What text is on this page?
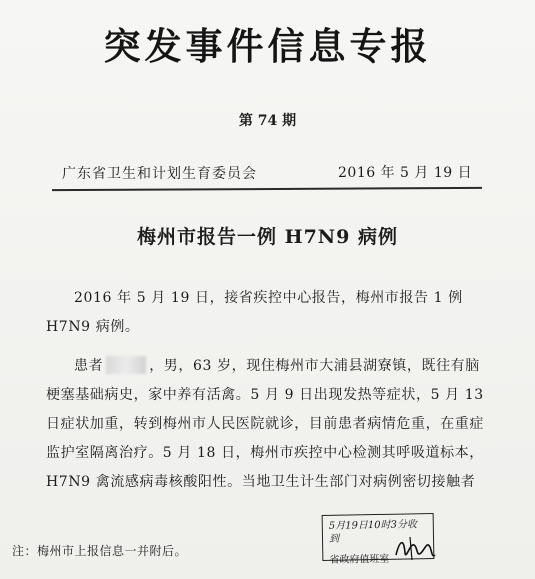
突发事件信息专报
第 74 期
广东省卫生和计划生育委员会	2016 年 5 月 19 日
梅州市报告一例 H7N9 病例

2016 年 5 月 19 日，接省疾控中心报告，梅州市报告 1 例 H7N9 病例。

患者	，男，63 岁，现住梅州市大浦县湖寮镇，既往有脑梗塞基础病史，家中养有活禽。5 月 9 日出现发热等症状，5 月 13 日症状加重，转到梅州市人民医院就诊，目前患者病情危重，在重症监护室隔离治疗。5 月 18 日，梅州市疾控中心检测其呼吸道标本，H7N9 禽流感病毒核酸阳性。当地卫生计生部门对病例密切接触者

注：梅州市上报信息一并附后。
5月19日10时3分收到
省政府值班室
